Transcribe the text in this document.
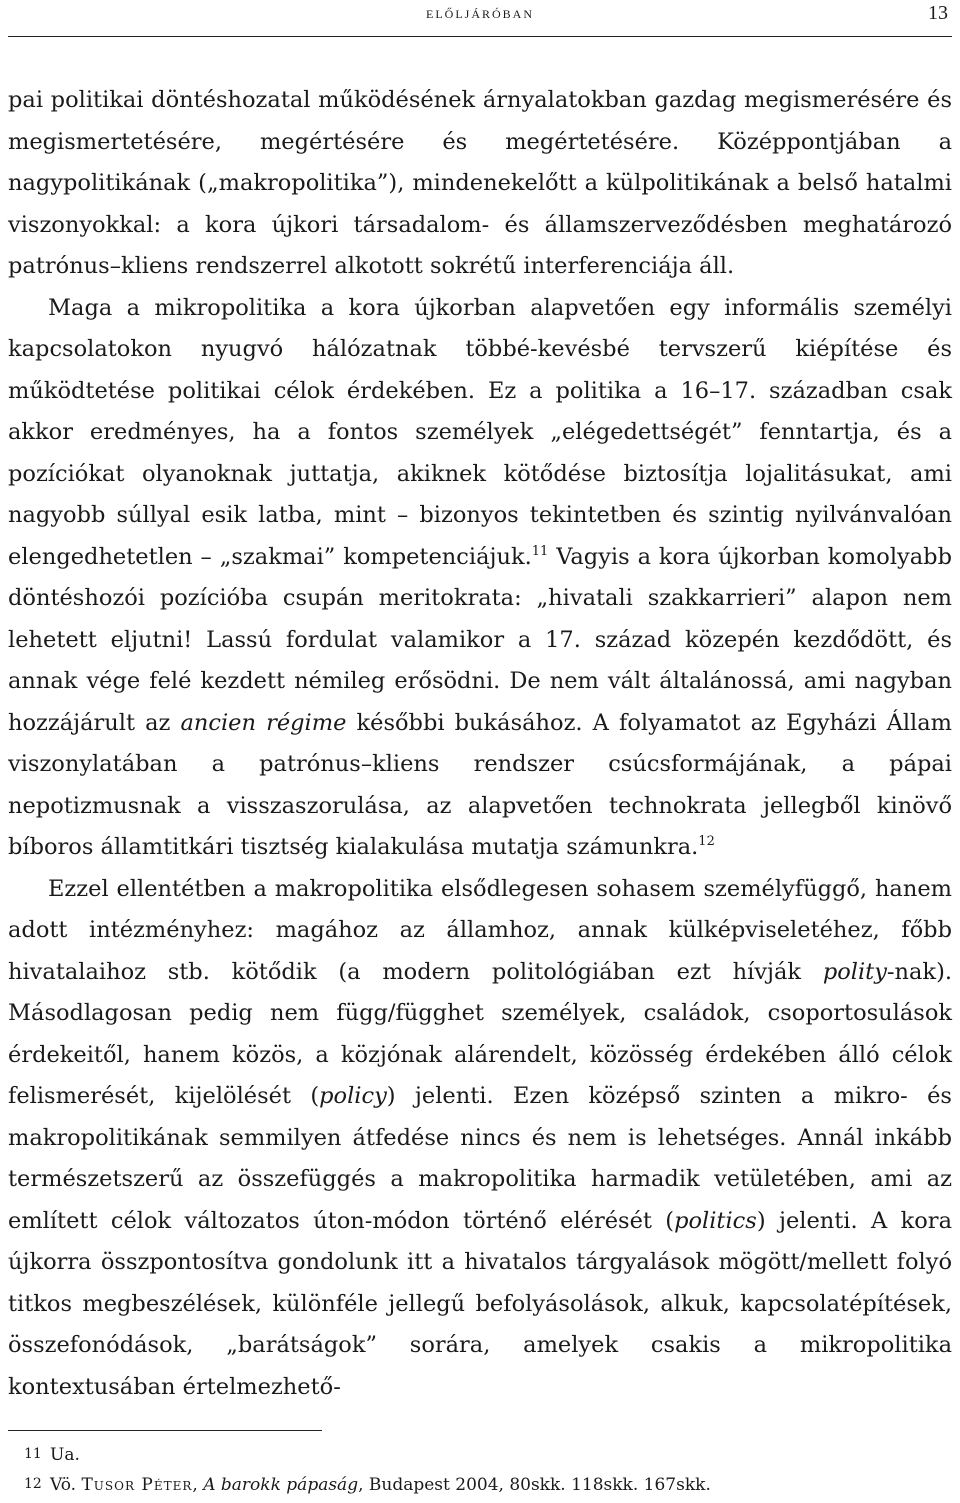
előljáróban	13

pai politikai döntéshozatal működésének árnyalatokban gazdag megismerésére és megismertetésére, megértésére és megértetésére. Középpontjában a nagypolitikának („makropolitika”), mindenekelőtt a külpolitikának a belső hatalmi viszonyokkal: a kora újkori társadalom- és államszerveződésben meghatározó patrónus–kliens rendszerrel alkotott sokrétű interferenciája áll.

Maga a mikropolitika a kora újkorban alapvetően egy informális személyi kapcsolatokon nyugvó hálózatnak többé-kevésbé tervszerű kiépítése és működtetése politikai célok érdekében. Ez a politika a 16–17. században csak akkor eredményes, ha a fontos személyek „elégedettségét” fenntartja, és a pozíciókat olyanoknak juttatja, akiknek kötődése biztosítja lojalitásukat, ami nagyobb súllyal esik latba, mint – bizonyos tekintetben és szintig nyilvánvalóan elengedhetetlen – „szakmai” kompetenciájuk.$^{11}$ Vagyis a kora újkorban komolyabb döntéshozói pozícióba csupán meritokrata: „hivatali szakkarrieri” alapon nem lehetett eljutni! Lassú fordulat valamikor a 17. század közepén kezdődött, és annak vége felé kezdett némileg erősödni. De nem vált általánossá, ami nagyban hozzájárult az ancien régime későbbi bukásához. A folyamatot az Egyházi Állam viszonylatában a patrónus–kliens rendszer csúcsformájának, a pápai nepotizmusnak a visszaszorulása, az alapvetően technokrata jellegből kinövő bíboros államtitkári tisztség kialakulása mutatja számunkra.$^{12}$

Ezzel ellentétben a makropolitika elsődlegesen sohasem személyfüggő, hanem adott intézményhez: magához az államhoz, annak külképviseletéhez, főbb hivatalaihoz stb. kötődik (a modern politológiában ezt hívják polity-nak). Másodlagosan pedig nem függ/függhet személyek, családok, csoportosulások érdekeitől, hanem közös, a közjónak alárendelt, közösség érdekében álló célok felismerését, kijelölését (policy) jelenti. Ezen középső szinten a mikro- és makropolitikának semmilyen átfedése nincs és nem is lehetséges. Annál inkább természetszerű az összefüggés a makropolitika harmadik vetületében, ami az említett célok változatos úton-módon történő elérését (politics) jelenti. A kora újkorra összpontosítva gondolunk itt a hivatalos tárgyalások mögött/mellett folyó titkos megbeszélések, különféle jellegű befolyásolások, alkuk, kapcsolatépítések, összefonódások, „barátságok” sorára, amelyek csakis a mikropolitika kontextusában értelmezhető-

11 Ua.
12 Vö. Tusor Péter, A barokk pápaság, Budapest 2004, 80skk. 118skk. 167skk.
